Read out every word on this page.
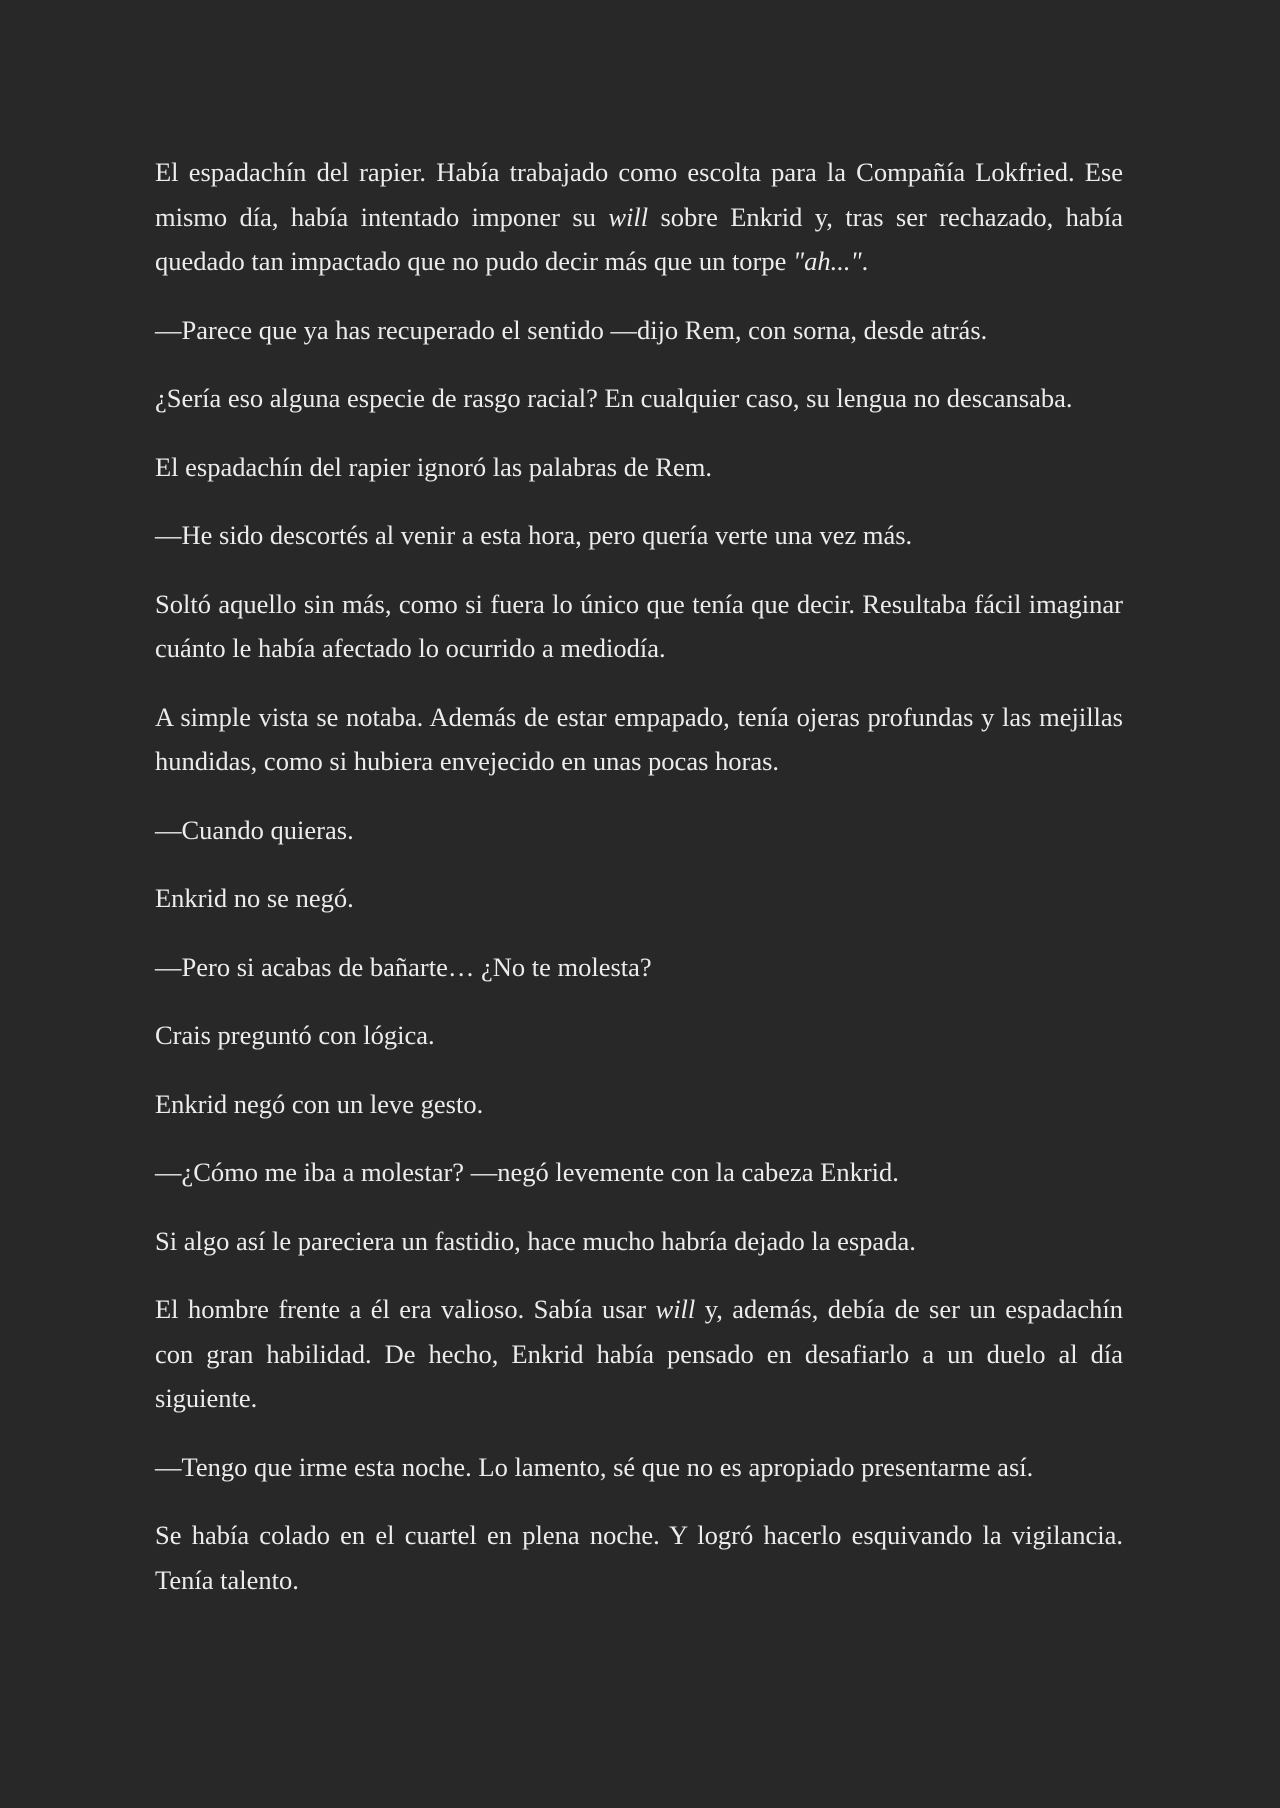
El espadachín del rapier. Había trabajado como escolta para la Compañía Lokfried. Ese mismo día, había intentado imponer su will sobre Enkrid y, tras ser rechazado, había quedado tan impactado que no pudo decir más que un torpe "ah...".

—Parece que ya has recuperado el sentido —dijo Rem, con sorna, desde atrás.

¿Sería eso alguna especie de rasgo racial? En cualquier caso, su lengua no descansaba.

El espadachín del rapier ignoró las palabras de Rem.

—He sido descortés al venir a esta hora, pero quería verte una vez más.

Soltó aquello sin más, como si fuera lo único que tenía que decir. Resultaba fácil imaginar cuánto le había afectado lo ocurrido a mediodía.

A simple vista se notaba. Además de estar empapado, tenía ojeras profundas y las mejillas hundidas, como si hubiera envejecido en unas pocas horas.

—Cuando quieras.

Enkrid no se negó.

—Pero si acabas de bañarte… ¿No te molesta?

Crais preguntó con lógica.

Enkrid negó con un leve gesto.

—¿Cómo me iba a molestar? —negó levemente con la cabeza Enkrid.

Si algo así le pareciera un fastidio, hace mucho habría dejado la espada.

El hombre frente a él era valioso. Sabía usar will y, además, debía de ser un espadachín con gran habilidad. De hecho, Enkrid había pensado en desafiarlo a un duelo al día siguiente.

—Tengo que irme esta noche. Lo lamento, sé que no es apropiado presentarme así.

Se había colado en el cuartel en plena noche. Y logró hacerlo esquivando la vigilancia. Tenía talento.
